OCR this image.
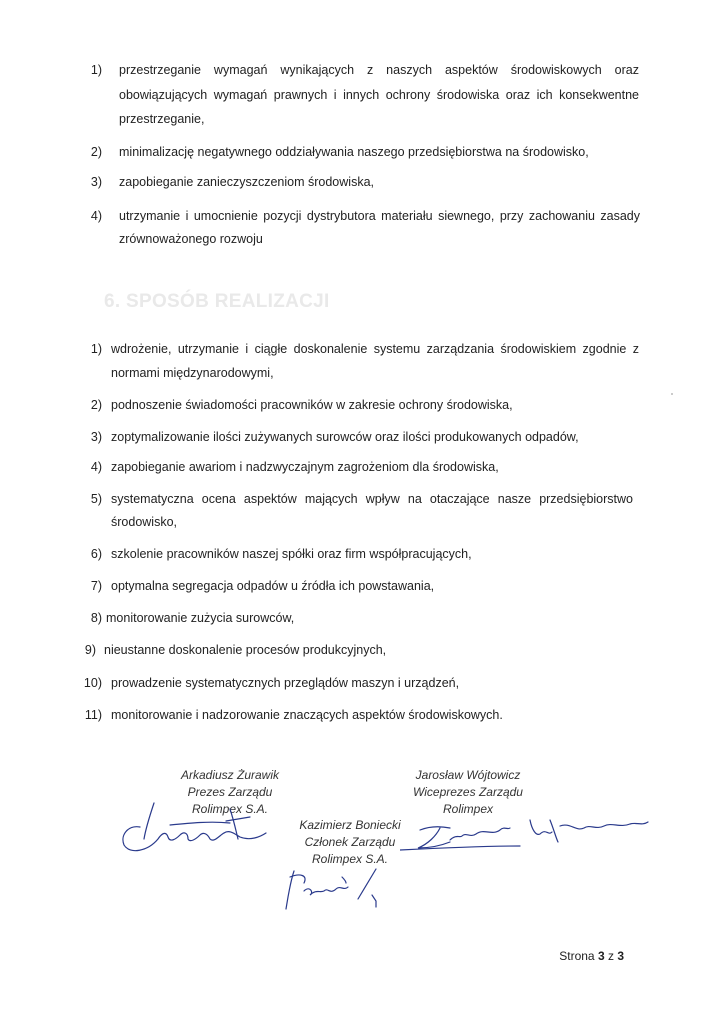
1) przestrzeganie wymagań wynikających z naszych aspektów środowiskowych oraz
obowiązujących wymagań prawnych i innych ochrony środowiska oraz ich konsekwentne
przestrzeganie,
2) minimalizację negatywnego oddziaływania naszego przedsiębiorstwa na środowisko,
3) zapobieganie zanieczyszczeniom środowiska,
4) utrzymanie i umocnienie pozycji dystrybutora materiału siewnego, przy zachowaniu zasady
zrównoważonego rozwoju
6. SPOSÓB REALIZACJI
1) wdrożenie, utrzymanie i ciągłe doskonalenie systemu zarządzania środowiskiem zgodnie z
normami międzynarodowymi,
2) podnoszenie świadomości pracowników w zakresie ochrony środowiska,
3) zoptymalizowanie ilości zużywanych surowców oraz ilości produkowanych odpadów,
4) zapobieganie awariom i nadzwyczajnym zagrożeniom dla środowiska,
5) systematyczna ocena aspektów mających wpływ na otaczające nasze przedsiębiorstwo
środowisko,
6) szkolenie pracowników naszej spółki oraz firm współpracujących,
7) optymalna segregacja odpadów u źródła ich powstawania,
8) monitorowanie zużycia surowców,
9) nieustanne doskonalenie procesów produkcyjnych,
10) prowadzenie systematycznych przeglądów maszyn i urządzeń,
11) monitorowanie i nadzorowanie znaczących aspektów środowiskowych.
Arkadiusz Żurawik
Prezes Zarządu
Rolimpex S.A.
Kazimierz Boniecki
Członek Zarządu
Rolimpex S.A.
Jarosław Wójtowicz
Wiceprezes Zarządu
Rolimpex
Strona 3 z 3
